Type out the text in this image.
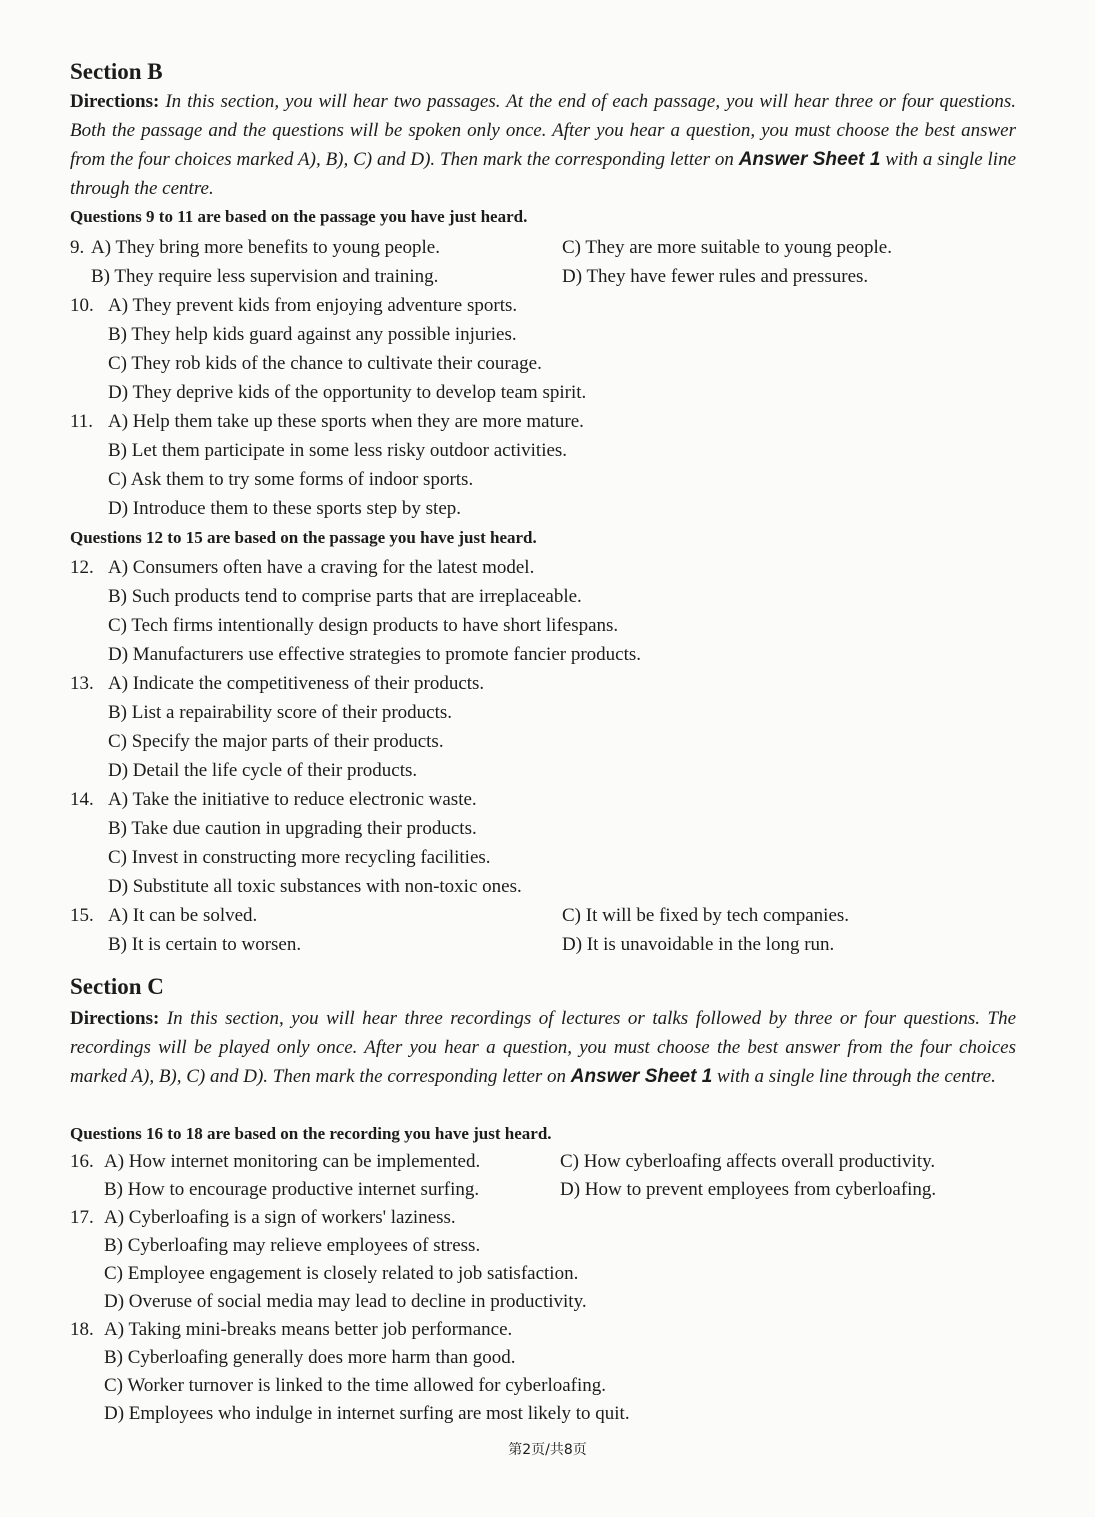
Section B

Directions: In this section, you will hear two passages. At the end of each passage, you will hear three or four questions. Both the passage and the questions will be spoken only once. After you hear a question, you must choose the best answer from the four choices marked A), B), C) and D). Then mark the corresponding letter on Answer Sheet 1 with a single line through the centre.

Questions 9 to 11 are based on the passage you have just heard.
9. A) They bring more benefits to young people.	C) They are more suitable to young people.
B) They require less supervision and training.	D) They have fewer rules and pressures.
10. A) They prevent kids from enjoying adventure sports.
B) They help kids guard against any possible injuries.
C) They rob kids of the chance to cultivate their courage.
D) They deprive kids of the opportunity to develop team spirit.
11. A) Help them take up these sports when they are more mature.
B) Let them participate in some less risky outdoor activities.
C) Ask them to try some forms of indoor sports.
D) Introduce them to these sports step by step.
Questions 12 to 15 are based on the passage you have just heard.
12. A) Consumers often have a craving for the latest model.
B) Such products tend to comprise parts that are irreplaceable.
C) Tech firms intentionally design products to have short lifespans.
D) Manufacturers use effective strategies to promote fancier products.
13. A) Indicate the competitiveness of their products.
B) List a repairability score of their products.
C) Specify the major parts of their products.
D) Detail the life cycle of their products.
14. A) Take the initiative to reduce electronic waste.
B) Take due caution in upgrading their products.
C) Invest in constructing more recycling facilities.
D) Substitute all toxic substances with non-toxic ones.
15. A) It can be solved.	C) It will be fixed by tech companies.
B) It is certain to worsen.	D) It is unavoidable in the long run.
Section C

Directions: In this section, you will hear three recordings of lectures or talks followed by three or four questions. The recordings will be played only once. After you hear a question, you must choose the best answer from the four choices marked A), B), C) and D). Then mark the corresponding letter on Answer Sheet 1 with a single line through the centre.

Questions 16 to 18 are based on the recording you have just heard.
16. A) How internet monitoring can be implemented.	C) How cyberloafing affects overall productivity.
B) How to encourage productive internet surfing.	D) How to prevent employees from cyberloafing.
17. A) Cyberloafing is a sign of workers' laziness.
B) Cyberloafing may relieve employees of stress.
C) Employee engagement is closely related to job satisfaction.
D) Overuse of social media may lead to decline in productivity.
18. A) Taking mini-breaks means better job performance.
B) Cyberloafing generally does more harm than good.
C) Worker turnover is linked to the time allowed for cyberloafing.
D) Employees who indulge in internet surfing are most likely to quit.
第2页/共8页
